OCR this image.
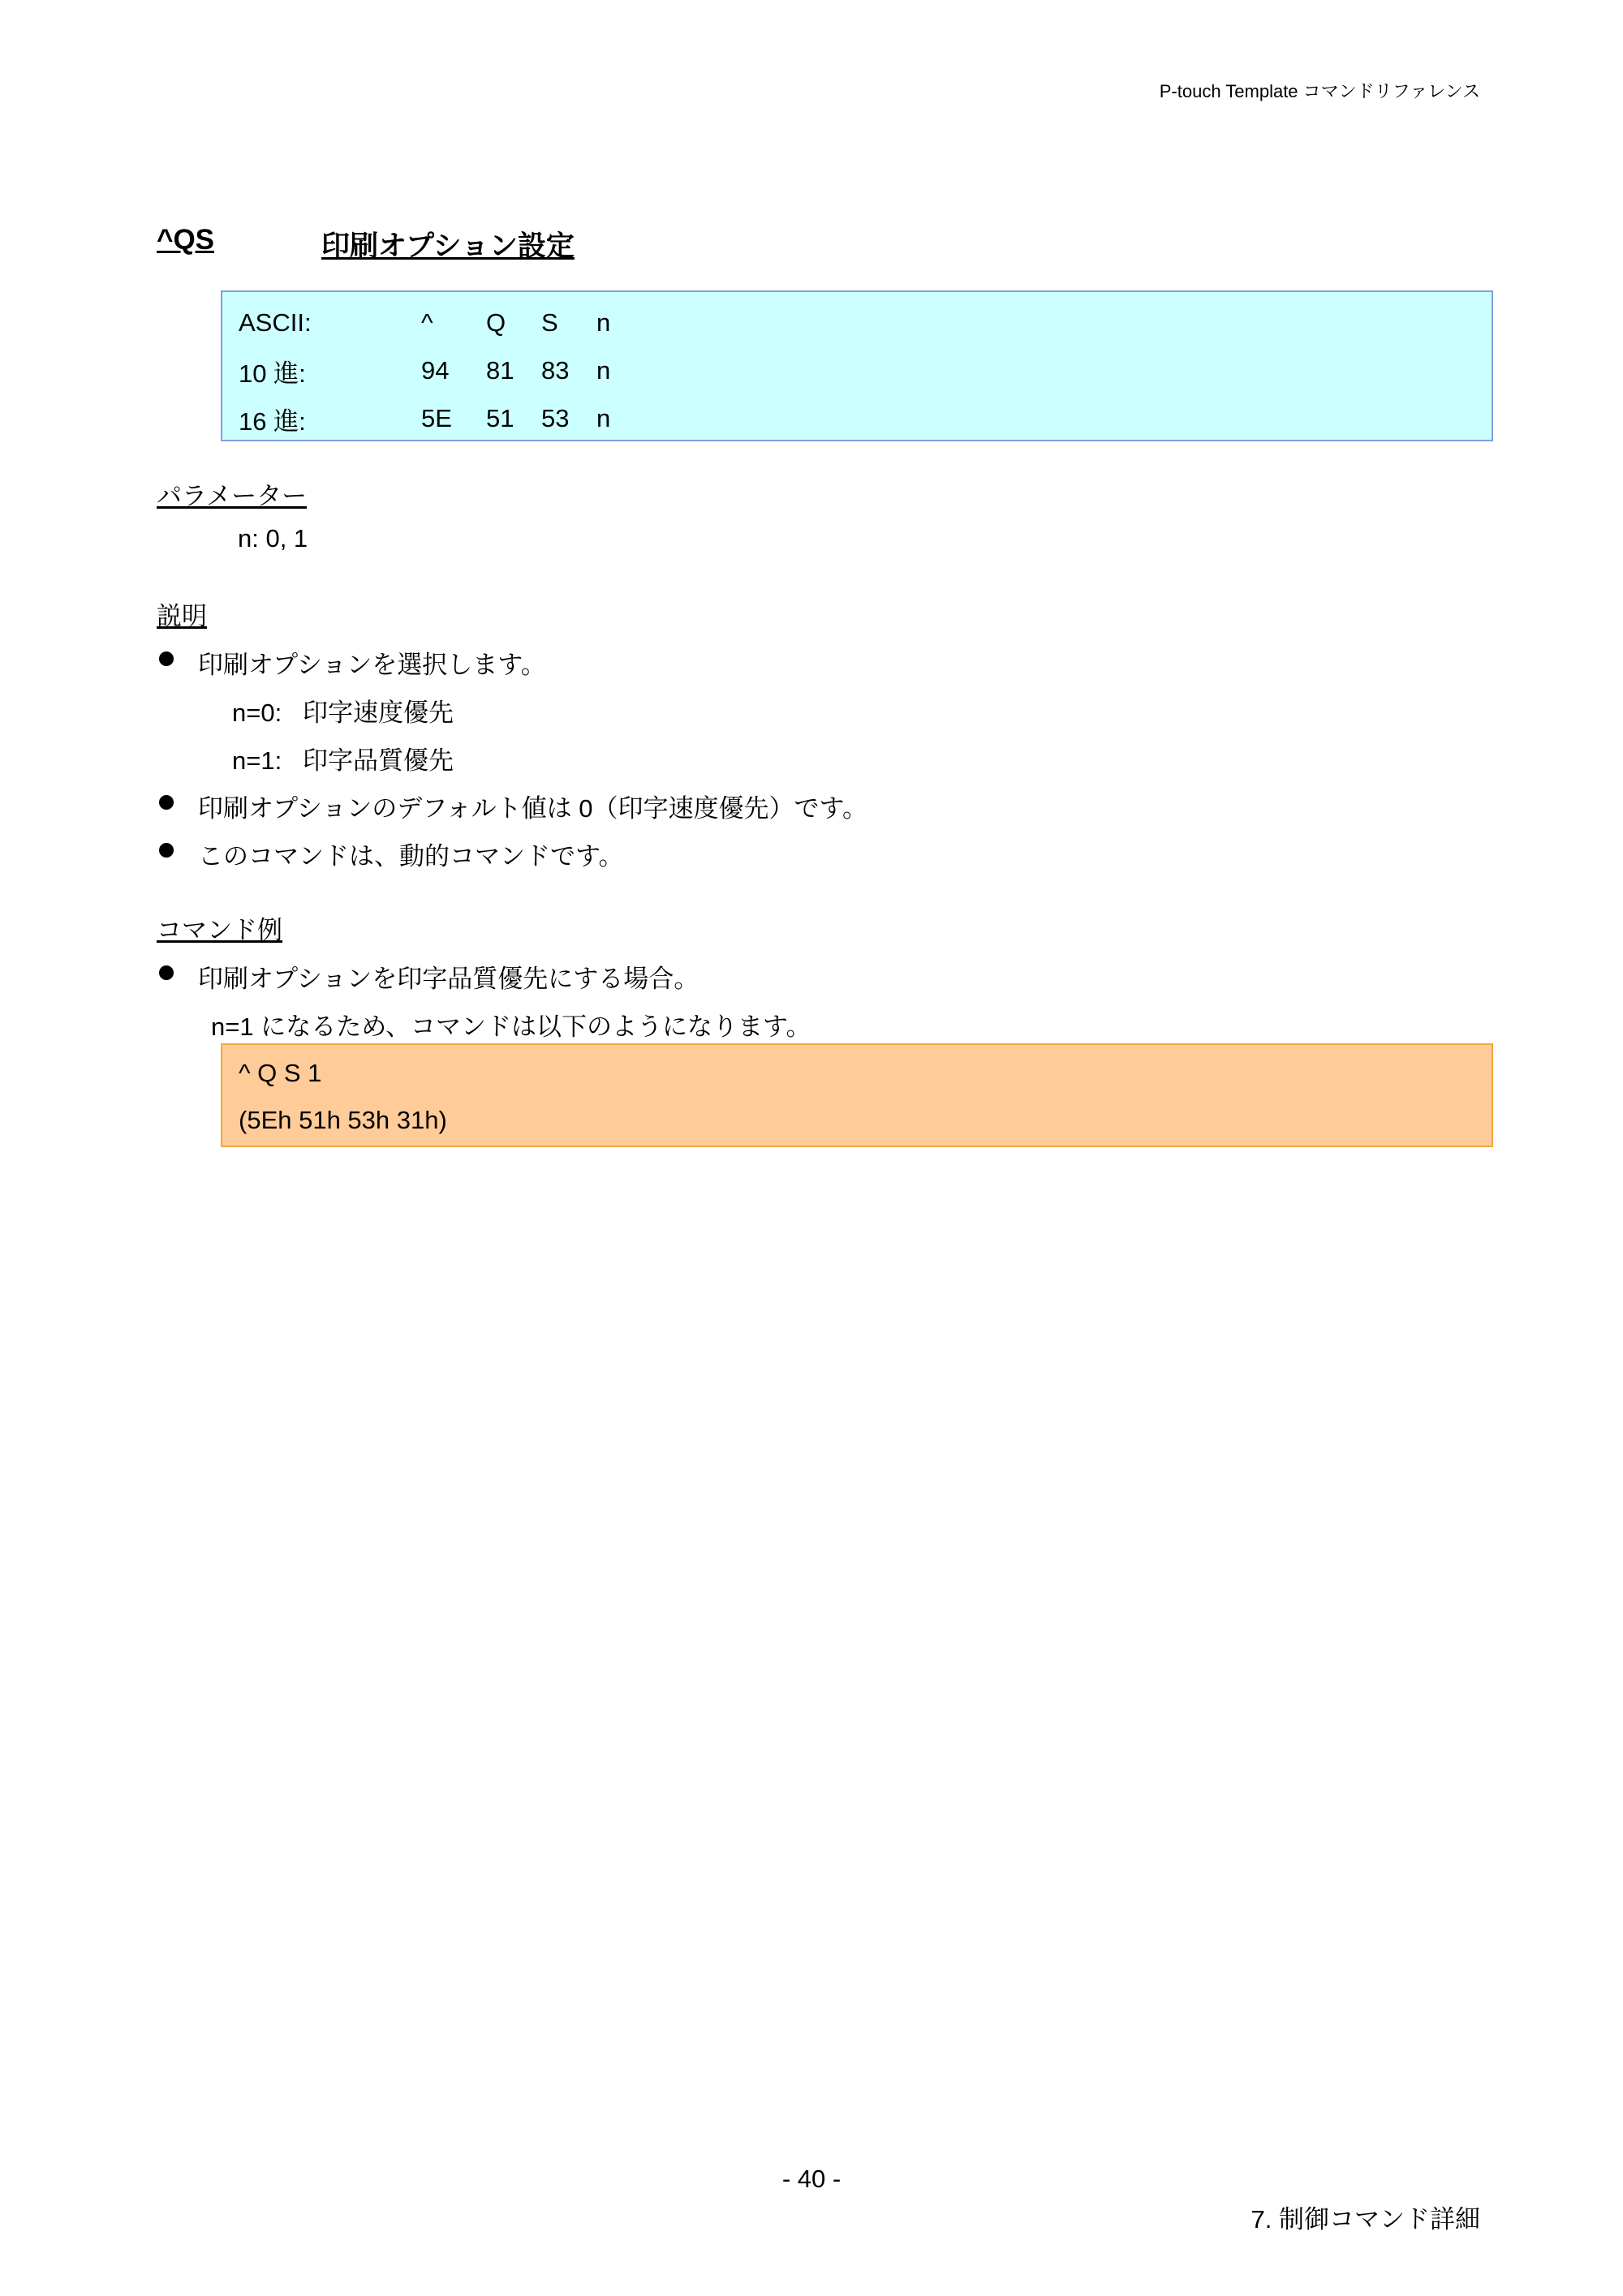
P-touch Template コマンドリファレンス
^QS	印刷オプション設定
ASCII:	^	Q	S	n
10 進:	94	81	83	n
16 進:	5E	51	53	n
パラメーター
n: 0, 1
説明
印刷オプションを選択します。
n=0:   印字速度優先
n=1:   印字品質優先
印刷オプションのデフォルト値は 0（印字速度優先）です。
このコマンドは、動的コマンドです。
コマンド例
印刷オプションを印字品質優先にする場合。
n=1 になるため、コマンドは以下のようになります。
^ Q S 1
(5Eh 51h 53h 31h)
- 40 -
7. 制御コマンド詳細
